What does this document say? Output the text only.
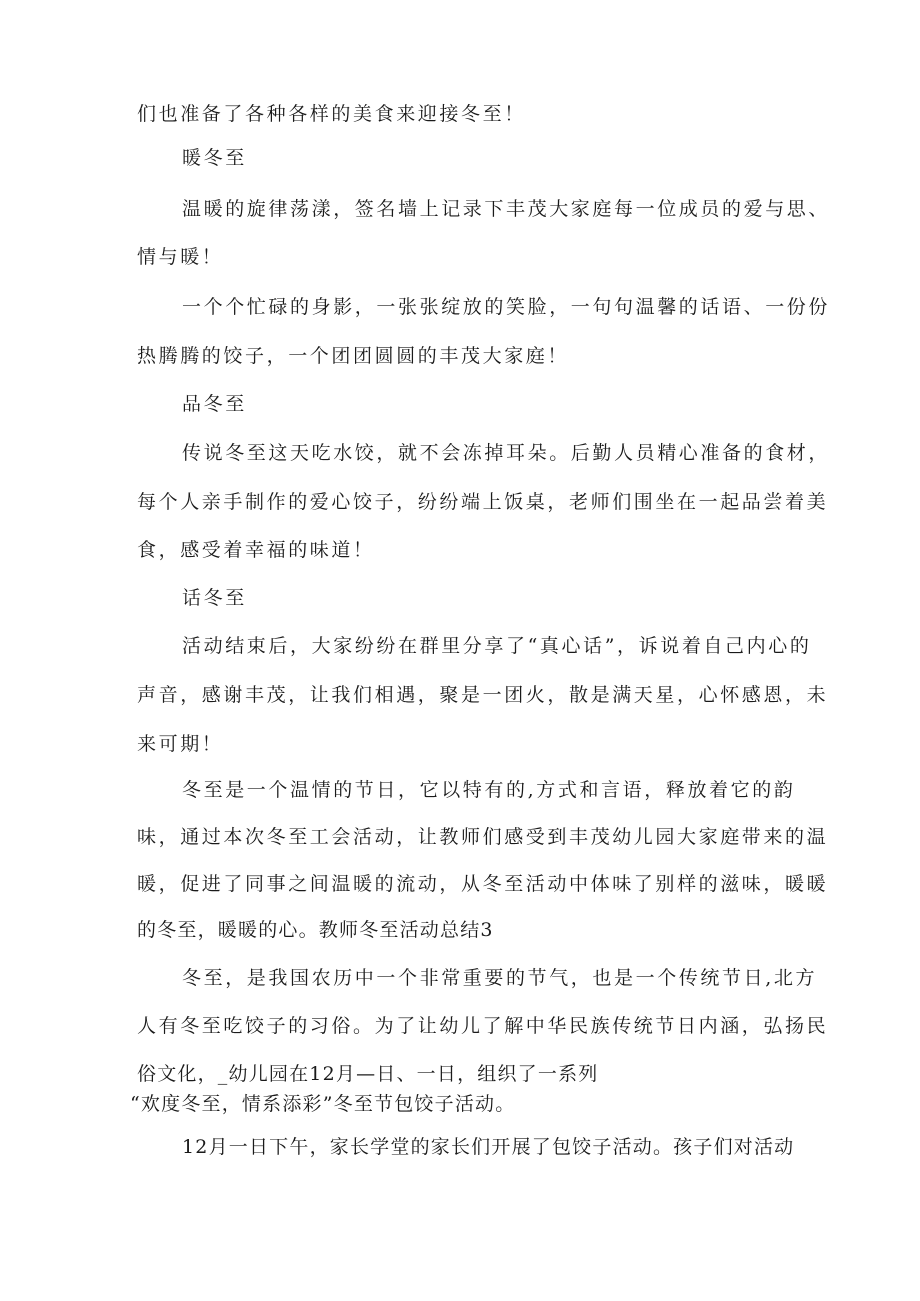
们也准备了各种各样的美食来迎接冬至！
暖冬至
温暖的旋律荡漾，签名墙上记录下丰茂大家庭每一位成员的爱与思、
情与暖！
一个个忙碌的身影，一张张绽放的笑脸，一句句温馨的话语、一份份
热腾腾的饺子，一个团团圆圆的丰茂大家庭！
品冬至
传说冬至这天吃水饺，就不会冻掉耳朵。后勤人员精心准备的食材，
每个人亲手制作的爱心饺子，纷纷端上饭桌，老师们围坐在一起品尝着美
食，感受着幸福的味道！
话冬至
活动结束后，大家纷纷在群里分享了“真心话”，诉说着自己内心的
声音，感谢丰茂，让我们相遇，聚是一团火，散是满天星，心怀感恩，未
来可期！
冬至是一个温情的节日，它以特有的,方式和言语，释放着它的韵
味，通过本次冬至工会活动，让教师们感受到丰茂幼儿园大家庭带来的温
暖，促进了同事之间温暖的流动，从冬至活动中体味了别样的滋味，暖暖
的冬至，暖暖的心。教师冬至活动总结3
冬至，是我国农历中一个非常重要的节气，也是一个传统节日,北方
人有冬至吃饺子的习俗。为了让幼儿了解中华民族传统节日内涵，弘扬民
俗文化，_幼儿园在12月—日、一日，组织了一系列
“欢度冬至，情系添彩”冬至节包饺子活动。
12月一日下午，家长学堂的家长们开展了包饺子活动。孩子们对活动
